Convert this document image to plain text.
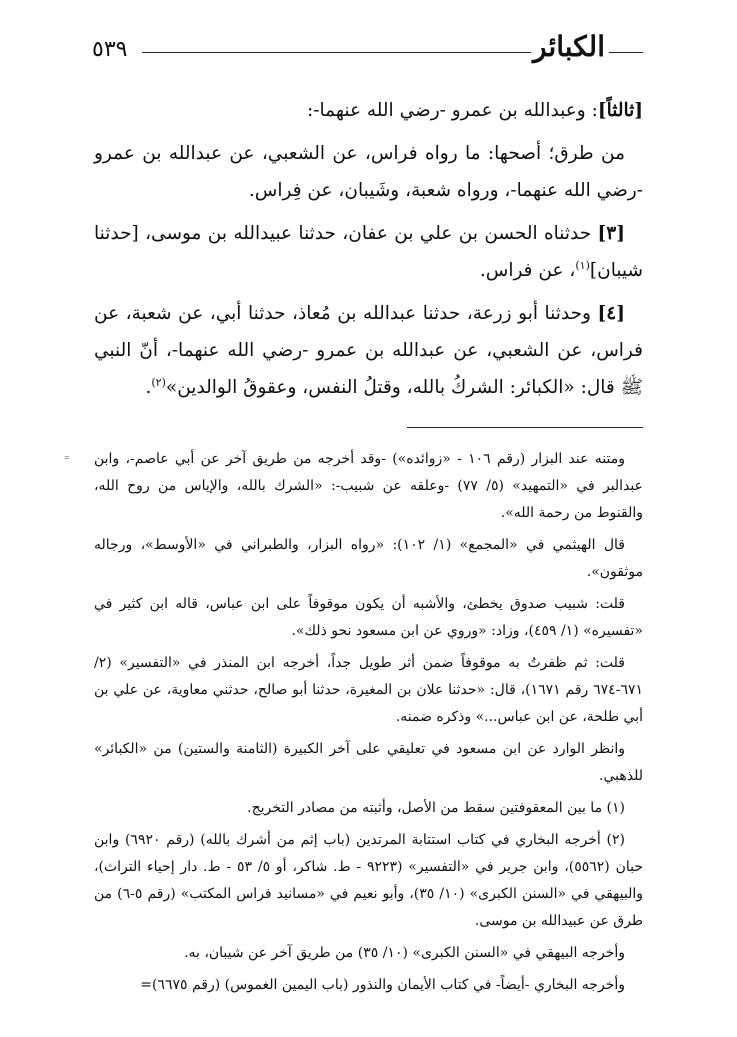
٥٣٩	الكبائر

[ثالثاً]: وعبدالله بن عمرو -رضي الله عنهما-:

من طرق؛ أصحها: ما رواه فراس، عن الشعبي، عن عبدالله بن عمرو -رضي الله عنهما-، ورواه شعبة، وشَيبان، عن فِراس.

[٣] حدثناه الحسن بن علي بن عفان، حدثنا عبيدالله بن موسى، [حدثنا شيبان]$^{(١)}$، عن فراس.

[٤] وحدثنا أبو زرعة، حدثنا عبدالله بن مُعاذ، حدثنا أبي، عن شعبة، عن فراس، عن الشعبي، عن عبدالله بن عمرو -رضي الله عنهما-، أنّ النبي ﷺ قال: «الكبائر: الشركُ بالله، وقتلُ النفس، وعقوقُ الوالدين»$^{(٢)}$.

⁼	ومتنه عند البزار (رقم ١٠٦ - «زوائده») -وقد أخرجه من طريق آخر عن أبي عاصم-، وابن عبدالبر في «التمهيد» (٥/ ٧٧) -وعلقه عن شبيب-: «الشرك بالله، والإياس من روح الله، والقنوط من رحمة الله».

قال الهيثمي في «المجمع» (١/ ١٠٢): «رواه البزار، والطبراني في «الأوسط»، ورجاله موثقون».

قلت: شبيب صدوق يخطئ، والأشبه أن يكون موقوفاً على ابن عباس، قاله ابن كثير في «تفسيره» (١/ ٤٥٩)، وزاد: «وروي عن ابن مسعود نحو ذلك».

قلت: ثم ظفرتُ به موقوفاً ضمن أثر طويل جداً، أخرجه ابن المنذر في «التفسير» (٢/ ٦٧١-٦٧٤ رقم ١٦٧١)، قال: «حدثنا علان بن المغيرة، حدثنا أبو صالح، حدثني معاوية، عن علي بن أبي طلحة، عن ابن عباس...» وذكره ضمنه.

وانظر الوارد عن ابن مسعود في تعليقي على آخر الكبيرة (الثامنة والستين) من «الكبائر» للذهبي.

(١) ما بين المعقوفتين سقط من الأصل، وأثبته من مصادر التخريج.

(٢) أخرجه البخاري في كتاب استتابة المرتدين (باب إثم من أشرك بالله) (رقم ٦٩٢٠) وابن حبان (٥٥٦٢)، وابن جرير في «التفسير» (٩٢٢٣ - ط. شاكر، أو ٥/ ٥٣ - ط. دار إحياء التراث)، والبيهقي في «السنن الكبرى» (١٠/ ٣٥)، وأبو نعيم في «مسانيد فراس المكتب» (رقم ٥-٦) من طرق عن عبيدالله بن موسى.

وأخرجه البيهقي في «السنن الكبرى» (١٠/ ٣٥) من طريق آخر عن شيبان، به.

وأخرجه البخاري -أيضاً- في كتاب الأيمان والنذور (باب اليمين الغموس) (رقم ٦٦٧٥)=
